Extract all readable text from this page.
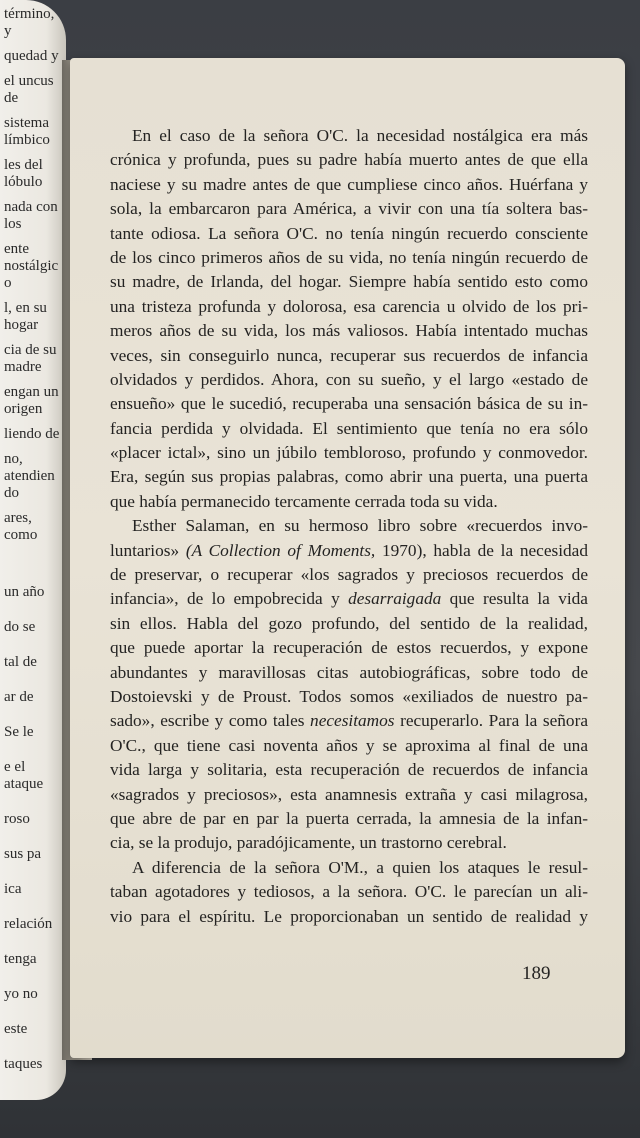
término, y
quedad y
el uncus de
sistema límbico
les del lóbulo
nada con los
ente nostálgico
l, en su hogar
cia de su madre
engan un origen
liendo de
no, atendiendo
ares, como
un año
do se
tal de
ar de
Se le
e el ataque
roso
sus pa
ica
relación
tenga
yo no
este
taques
En el caso de la señora O'C. la necesidad nostálgica era más
crónica y profunda, pues su padre había muerto antes de que ella
naciese y su madre antes de que cumpliese cinco años. Huérfana y
sola, la embarcaron para América, a vivir con una tía soltera bas-
tante odiosa. La señora O'C. no tenía ningún recuerdo consciente
de los cinco primeros años de su vida, no tenía ningún recuerdo de
su madre, de Irlanda, del hogar. Siempre había sentido esto como
una tristeza profunda y dolorosa, esa carencia u olvido de los pri-
meros años de su vida, los más valiosos. Había intentado muchas
veces, sin conseguirlo nunca, recuperar sus recuerdos de infancia
olvidados y perdidos. Ahora, con su sueño, y el largo «estado de
ensueño» que le sucedió, recuperaba una sensación básica de su in-
fancia perdida y olvidada. El sentimiento que tenía no era sólo
«placer ictal», sino un júbilo tembloroso, profundo y conmovedor.
Era, según sus propias palabras, como abrir una puerta, una puerta
que había permanecido tercamente cerrada toda su vida.
Esther Salaman, en su hermoso libro sobre «recuerdos invo-
luntarios» (A Collection of Moments, 1970), habla de la necesidad
de preservar, o recuperar «los sagrados y preciosos recuerdos de
infancia», de lo empobrecida y desarraigada que resulta la vida
sin ellos. Habla del gozo profundo, del sentido de la realidad,
que puede aportar la recuperación de estos recuerdos, y expone
abundantes y maravillosas citas autobiográficas, sobre todo de
Dostoievski y de Proust. Todos somos «exiliados de nuestro pa-
sado», escribe y como tales necesitamos recuperarlo. Para la señora
O'C., que tiene casi noventa años y se aproxima al final de una
vida larga y solitaria, esta recuperación de recuerdos de infancia
«sagrados y preciosos», esta anamnesis extraña y casi milagrosa,
que abre de par en par la puerta cerrada, la amnesia de la infan-
cia, se la produjo, paradójicamente, un trastorno cerebral.
A diferencia de la señora O'M., a quien los ataques le resul-
taban agotadores y tediosos, a la señora. O'C. le parecían un ali-
vio para el espíritu. Le proporcionaban un sentido de realidad y
189
